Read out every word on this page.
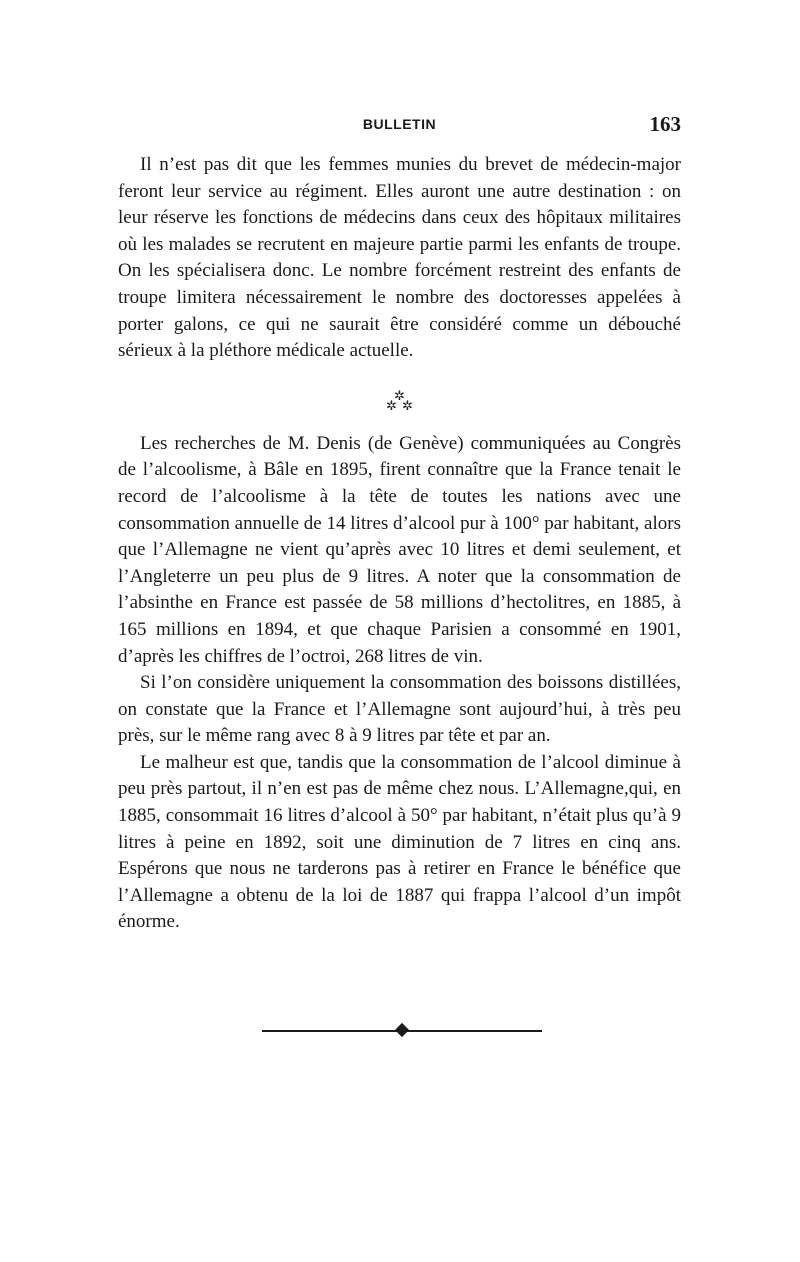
BULLETIN	163

Il n’est pas dit que les femmes munies du brevet de médecin-major feront leur service au régiment. Elles auront une autre destination : on leur réserve les fonctions de médecins dans ceux des hôpitaux militaires où les malades se recrutent en majeure partie parmi les enfants de troupe. On les spécialisera donc. Le nombre forcément restreint des enfants de troupe limitera nécessairement le nombre des doctoresses appelées à porter galons, ce qui ne saurait être considéré comme un débouché sérieux à la pléthore médicale actuelle.

✲
✲ ✲

Les recherches de M. Denis (de Genève) communiquées au Congrès de l’alcoolisme, à Bâle en 1895, firent connaître que la France tenait le record de l’alcoolisme à la tête de toutes les nations avec une consommation annuelle de 14 litres d’alcool pur à 100° par habitant, alors que l’Allemagne ne vient qu’après avec 10 litres et demi seulement, et l’Angleterre un peu plus de 9 litres. A noter que la consommation de l’absinthe en France est passée de 58 millions d’hectolitres, en 1885, à 165 millions en 1894, et que chaque Parisien a consommé en 1901, d’après les chiffres de l’octroi, 268 litres de vin.

Si l’on considère uniquement la consommation des boissons distillées, on constate que la France et l’Allemagne sont aujourd’hui, à très peu près, sur le même rang avec 8 à 9 litres par tête et par an.

Le malheur est que, tandis que la consommation de l’alcool diminue à peu près partout, il n’en est pas de même chez nous. L’Allemagne,qui, en 1885, consommait 16 litres d’alcool à 50° par habitant, n’était plus qu’à 9 litres à peine en 1892, soit une diminution de 7 litres en cinq ans. Espérons que nous ne tarderons pas à retirer en France le bénéfice que l’Allemagne a obtenu de la loi de 1887 qui frappa l’alcool d’un impôt énorme.
